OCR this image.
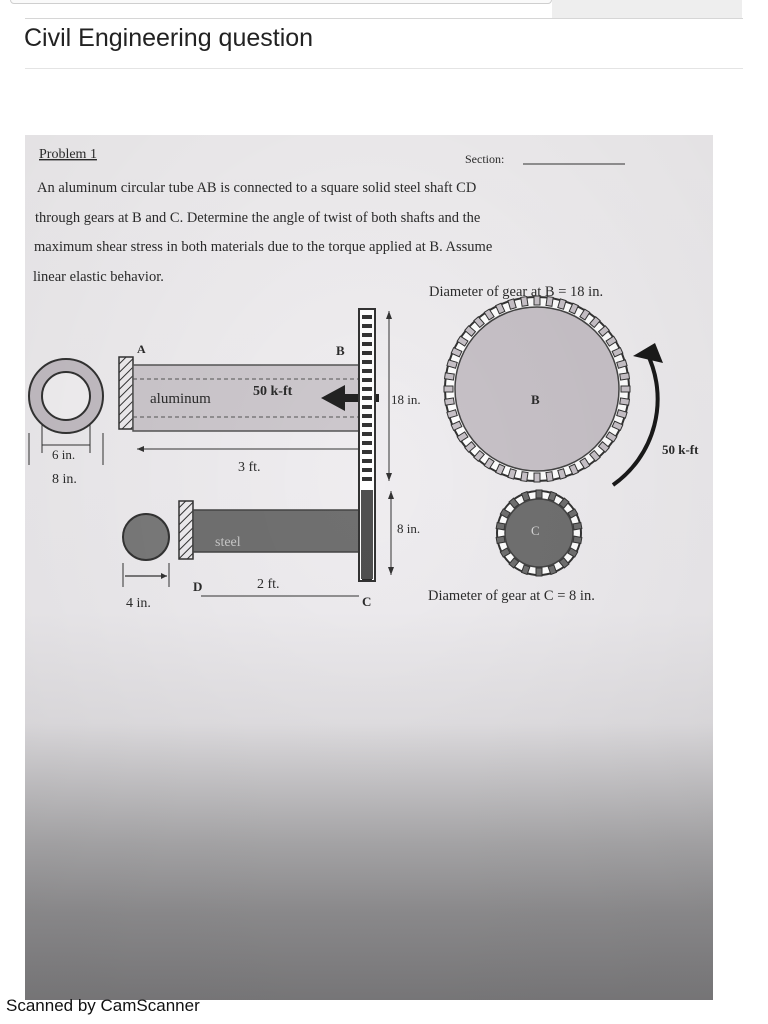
Civil Engineering question
Scanned by CamScanner
